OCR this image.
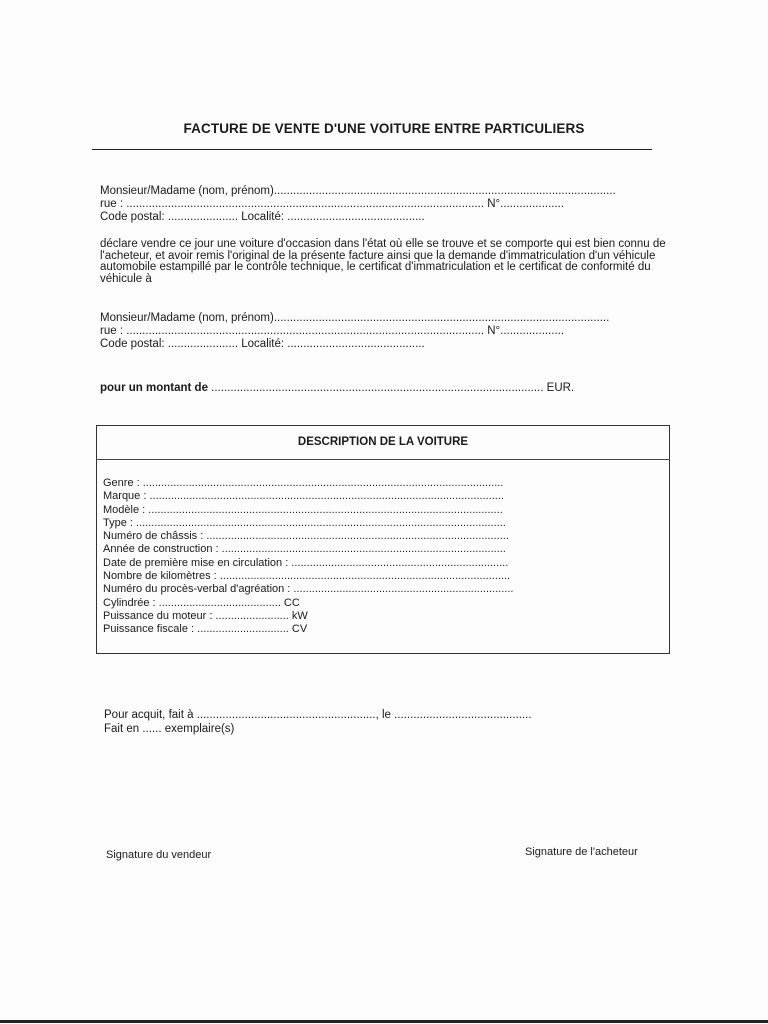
FACTURE DE VENTE D'UNE VOITURE ENTRE PARTICULIERS
Monsieur/Madame (nom, prénom)...........................................................................................................
rue : ................................................................................................................ N°....................
Code postal: ...................... Localité: ...........................................
déclare vendre ce jour une voiture d'occasion dans l'état où elle se trouve et se comporte qui est bien connu de l'acheteur, et avoir remis l'original de la présente facture ainsi que la demande d'immatriculation d'un véhicule automobile estampillé par le contrôle technique, le certificat d'immatriculation et le certificat de conformité du véhicule à
Monsieur/Madame (nom, prénom).........................................................................................................
rue : ................................................................................................................ N°....................
Code postal: ...................... Localité: ...........................................
pour un montant de ........................................................................................................ EUR.
DESCRIPTION DE LA VOITURE
Genre : ......................................................................................................................
Marque : ....................................................................................................................
Modèle : ....................................................................................................................
Type : .........................................................................................................................
Numéro de châssis : ...................................................................................................
Année de construction : .............................................................................................
Date de première mise en circulation : .......................................................................
Nombre de kilomètres : ...............................................................................................
Numéro du procès-verbal d'agréation : ........................................................................
Cylindrée : ........................................ CC
Puissance du moteur : ........................ kW
Puissance fiscale : .............................. CV
Pour acquit, fait à ........................................................, le ...........................................
Fait en ...... exemplaire(s)
Signature du vendeur	Signature de l'acheteur
